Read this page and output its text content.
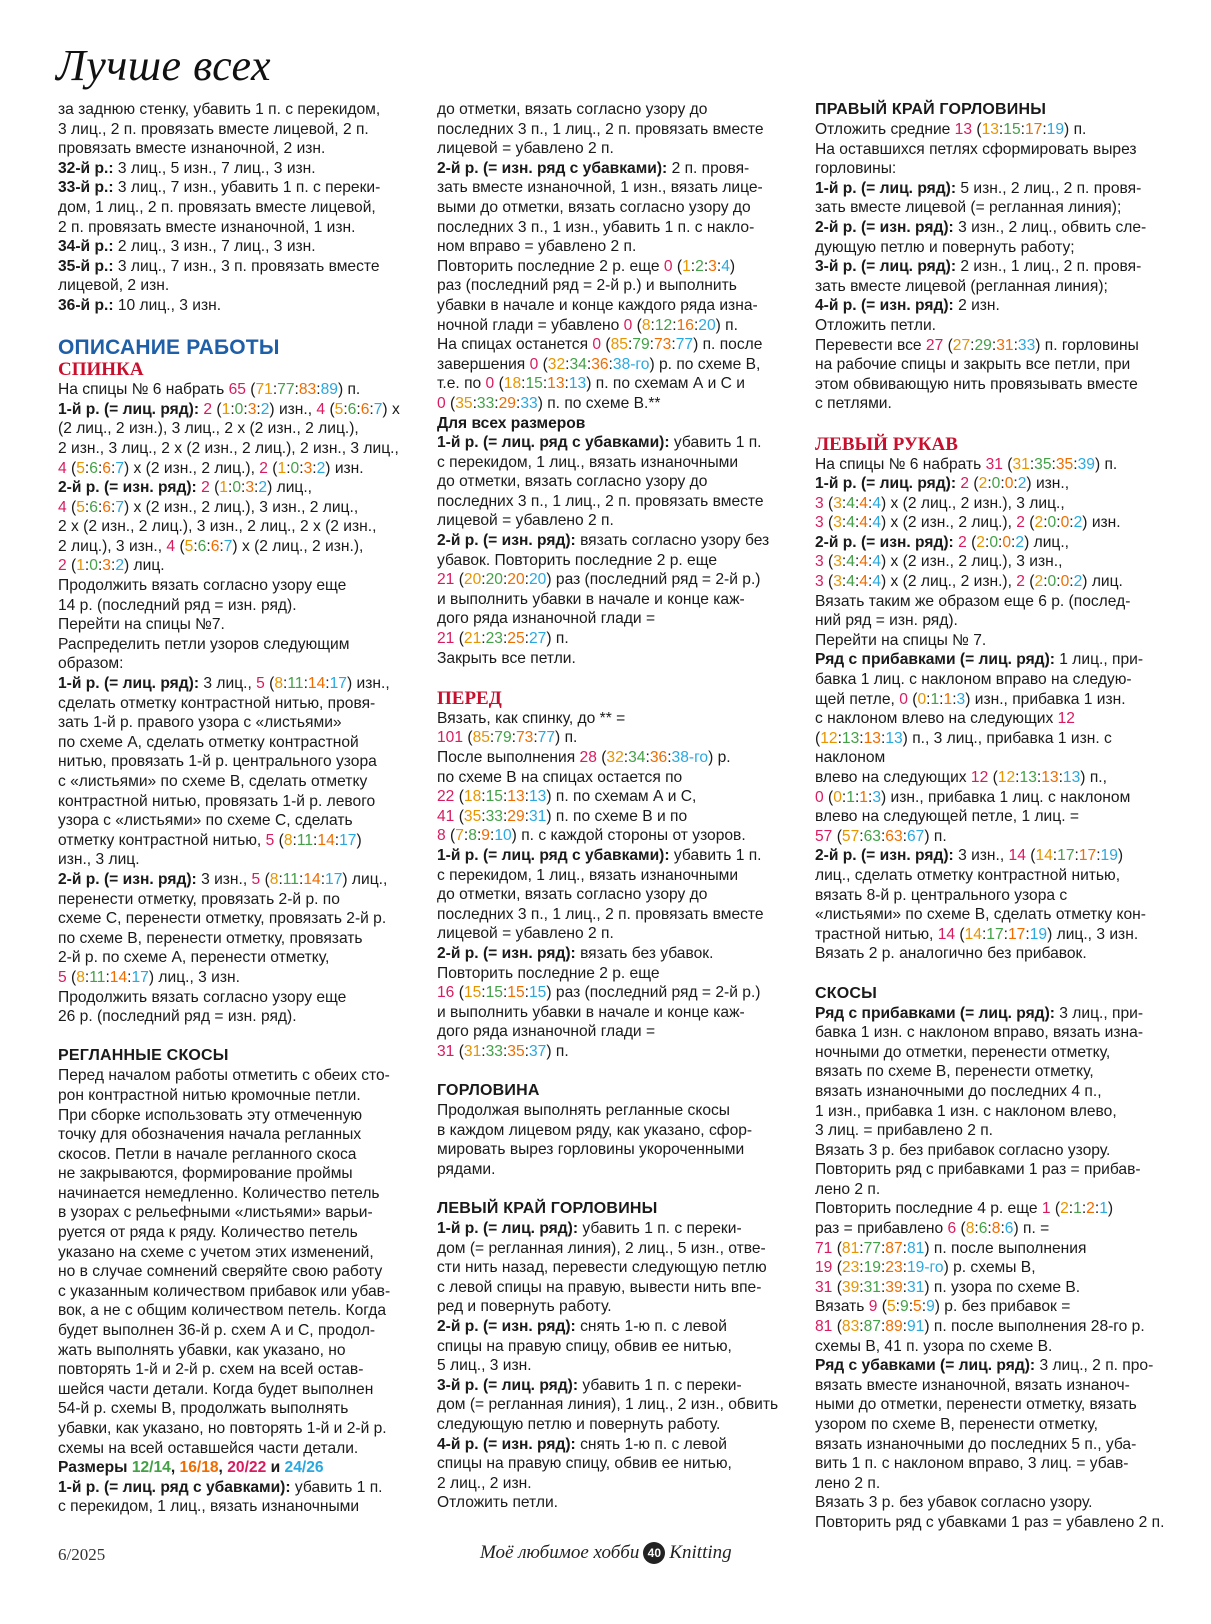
Лучше всех

за заднюю стенку, убавить 1 п. с перекидом,
3 лиц., 2 п. провязать вместе лицевой, 2 п.
провязать вместе изнаночной, 2 изн.

32-й р.: 3 лиц., 5 изн., 7 лиц., 3 изн.

33-й р.: 3 лиц., 7 изн., убавить 1 п. с переки-
дом, 1 лиц., 2 п. провязать вместе лицевой,
2 п. провязать вместе изнаночной, 1 изн.

34-й р.: 2 лиц., 3 изн., 7 лиц., 3 изн.

35-й р.: 3 лиц., 7 изн., 3 п. провязать вместе
лицевой, 2 изн.

36-й р.: 10 лиц., 3 изн.

ОПИСАНИЕ РАБОТЫ
СПИНКА

На спицы № 6 набрать 65 (71:77:83:89) п.

1-й р. (= лиц. ряд): 2 (1:0:3:2) изн., 4 (5:6:6:7) х
(2 лиц., 2 изн.), 3 лиц., 2 х (2 изн., 2 лиц.),
2 изн., 3 лиц., 2 х (2 изн., 2 лиц.), 2 изн., 3 лиц.,
4 (5:6:6:7) х (2 изн., 2 лиц.), 2 (1:0:3:2) изн.

2-й р. (= изн. ряд): 2 (1:0:3:2) лиц.,
4 (5:6:6:7) х (2 изн., 2 лиц.), 3 изн., 2 лиц.,
2 х (2 изн., 2 лиц.), 3 изн., 2 лиц., 2 х (2 изн.,
2 лиц.), 3 изн., 4 (5:6:6:7) х (2 лиц., 2 изн.),
2 (1:0:3:2) лиц.

Продолжить вязать согласно узору еще
14 р. (последний ряд = изн. ряд).
Перейти на спицы №7.
Распределить петли узоров следующим
образом:

1-й р. (= лиц. ряд): 3 лиц., 5 (8:11:14:17) изн.,
сделать отметку контрастной нитью, провя-
зать 1-й р. правого узора с «листьями»
по схеме А, сделать отметку контрастной
нитью, провязать 1-й р. центрального узора
с «листьями» по схеме В, сделать отметку
контрастной нитью, провязать 1-й р. левого
узора с «листьями» по схеме С, сделать
отметку контрастной нитью, 5 (8:11:14:17)
изн., 3 лиц.

2-й р. (= изн. ряд): 3 изн., 5 (8:11:14:17) лиц.,
перенести отметку, провязать 2-й р. по
схеме С, перенести отметку, провязать 2-й р.
по схеме В, перенести отметку, провязать
2-й р. по схеме А, перенести отметку,
5 (8:11:14:17) лиц., 3 изн.

Продолжить вязать согласно узору еще
26 р. (последний ряд = изн. ряд).

РЕГЛАННЫЕ СКОСЫ

Перед началом работы отметить с обеих сто-
рон контрастной нитью кромочные петли.
При сборке использовать эту отмеченную
точку для обозначения начала регланных
скосов. Петли в начале регланного скоса
не закрываются, формирование проймы
начинается немедленно. Количество петель
в узорах с рельефными «листьями» варьи-
руется от ряда к ряду. Количество петель
указано на схеме с учетом этих изменений,
но в случае сомнений сверяйте свою работу
с указанным количеством прибавок или убав-
вок, а не с общим количеством петель. Когда
будет выполнен 36-й р. схем А и С, продол-
жать выполнять убавки, как указано, но
повторять 1-й и 2-й р. схем на всей остав-
шейся части детали. Когда будет выполнен
54-й р. схемы В, продолжать выполнять
убавки, как указано, но повторять 1-й и 2-й р.
схемы на всей оставшейся части детали.

Размеры 12/14, 16/18, 20/22 и 24/26

1-й р. (= лиц. ряд с убавками): убавить 1 п.
с перекидом, 1 лиц., вязать изнаночными

до отметки, вязать согласно узору до
последних 3 п., 1 лиц., 2 п. провязать вместе
лицевой = убавлено 2 п.

2-й р. (= изн. ряд с убавками): 2 п. провя-
зать вместе изнаночной, 1 изн., вязать лице-
выми до отметки, вязать согласно узору до
последних 3 п., 1 изн., убавить 1 п. с накло-
ном вправо = убавлено 2 п.
Повторить последние 2 р. еще 0 (1:2:3:4)
раз (последний ряд = 2-й р.) и выполнить
убавки в начале и конце каждого ряда изна-
ночной глади = убавлено 0 (8:12:16:20) п.
На спицах останется 0 (85:79:73:77) п. после
завершения 0 (32:34:36:38-го) р. по схеме В,
т.е. по 0 (18:15:13:13) п. по схемам А и С и
0 (35:33:29:33) п. по схеме В.**

Для всех размеров

1-й р. (= лиц. ряд с убавками): убавить 1 п.
с перекидом, 1 лиц., вязать изнаночными
до отметки, вязать согласно узору до
последних 3 п., 1 лиц., 2 п. провязать вместе
лицевой = убавлено 2 п.

2-й р. (= изн. ряд): вязать согласно узору без
убавок. Повторить последние 2 р. еще
21 (20:20:20:20) раз (последний ряд = 2-й р.)
и выполнить убавки в начале и конце каж-
дого ряда изнаночной глади =
21 (21:23:25:27) п.
Закрыть все петли.

ПЕРЕД

Вязать, как спинку, до ** =
101 (85:79:73:77) п.
После выполнения 28 (32:34:36:38-го) р.
по схеме В на спицах остается по
22 (18:15:13:13) п. по схемам А и С,
41 (35:33:29:31) п. по схеме В и по
8 (7:8:9:10) п. с каждой стороны от узоров.

1-й р. (= лиц. ряд с убавками): убавить 1 п.
с перекидом, 1 лиц., вязать изнаночными
до отметки, вязать согласно узору до
последних 3 п., 1 лиц., 2 п. провязать вместе
лицевой = убавлено 2 п.

2-й р. (= изн. ряд): вязать без убавок.
Повторить последние 2 р. еще
16 (15:15:15:15) раз (последний ряд = 2-й р.)
и выполнить убавки в начале и конце каж-
дого ряда изнаночной глади =
31 (31:33:35:37) п.

ГОРЛОВИНА

Продолжая выполнять регланные скосы
в каждом лицевом ряду, как указано, сфор-
мировать вырез горловины укороченными
рядами.

ЛЕВЫЙ КРАЙ ГОРЛОВИНЫ

1-й р. (= лиц. ряд): убавить 1 п. с переки-
дом (= регланная линия), 2 лиц., 5 изн., отве-
сти нить назад, перевести следующую петлю
с левой спицы на правую, вывести нить впе-
ред и повернуть работу.

2-й р. (= изн. ряд): снять 1-ю п. с левой
спицы на правую спицу, обвив ее нитью,
5 лиц., 3 изн.

3-й р. (= лиц. ряд): убавить 1 п. с переки-
дом (= регланная линия), 1 лиц., 2 изн., обвить
следующую петлю и повернуть работу.

4-й р. (= изн. ряд): снять 1-ю п. с левой
спицы на правую спицу, обвив ее нитью,
2 лиц., 2 изн.
Отложить петли.

ПРАВЫЙ КРАЙ ГОРЛОВИНЫ

Отложить средние 13 (13:15:17:19) п.
На оставшихся петлях сформировать вырез
горловины:

1-й р. (= лиц. ряд): 5 изн., 2 лиц., 2 п. провя-
зать вместе лицевой (= регланная линия);

2-й р. (= изн. ряд): 3 изн., 2 лиц., обвить сле-
дующую петлю и повернуть работу;

3-й р. (= лиц. ряд): 2 изн., 1 лиц., 2 п. провя-
зать вместе лицевой (регланная линия);

4-й р. (= изн. ряд): 2 изн.
Отложить петли.
Перевести все 27 (27:29:31:33) п. горловины
на рабочие спицы и закрыть все петли, при
этом обвивающую нить провязывать вместе
с петлями.

ЛЕВЫЙ РУКАВ

На спицы № 6 набрать 31 (31:35:35:39) п.

1-й р. (= лиц. ряд): 2 (2:0:0:2) изн.,
3 (3:4:4:4) х (2 лиц., 2 изн.), 3 лиц.,
3 (3:4:4:4) х (2 изн., 2 лиц.), 2 (2:0:0:2) изн.

2-й р. (= изн. ряд): 2 (2:0:0:2) лиц.,
3 (3:4:4:4) х (2 изн., 2 лиц.), 3 изн.,
3 (3:4:4:4) х (2 лиц., 2 изн.), 2 (2:0:0:2) лиц.

Вязать таким же образом еще 6 р. (послед-
ний ряд = изн. ряд).
Перейти на спицы № 7.

Ряд с прибавками (= лиц. ряд): 1 лиц., при-
бавка 1 лиц. с наклоном вправо на следую-
щей петле, 0 (0:1:1:3) изн., прибавка 1 изн.
с наклоном влево на следующих 12 (12:13:13:13) п., 3 лиц., прибавка 1 изн. с наклоном
влево на следующих 12 (12:13:13:13) п.,
0 (0:1:1:3) изн., прибавка 1 лиц. с наклоном
влево на следующей петле, 1 лиц. =
57 (57:63:63:67) п.

2-й р. (= изн. ряд): 3 изн., 14 (14:17:17:19)
лиц., сделать отметку контрастной нитью,
вязать 8-й р. центрального узора с
«листьями» по схеме В, сделать отметку кон-
трастной нитью, 14 (14:17:17:19) лиц., 3 изн.
Вязать 2 р. аналогично без прибавок.

СКОСЫ

Ряд с прибавками (= лиц. ряд): 3 лиц., при-
бавка 1 изн. с наклоном вправо, вязать изна-
ночными до отметки, перенести отметку,
вязать по схеме В, перенести отметку,
вязать изнаночными до последних 4 п.,
1 изн., прибавка 1 изн. с наклоном влево,
3 лиц. = прибавлено 2 п.
Вязать 3 р. без прибавок согласно узору.
Повторить ряд с прибавками 1 раз = прибав-
лено 2 п.
Повторить последние 4 р. еще 1 (2:1:2:1)
раз = прибавлено 6 (8:6:8:6) п. =
71 (81:77:87:81) п. после выполнения
19 (23:19:23:19-го) р. схемы В,
31 (39:31:39:31) п. узора по схеме В.
Вязать 9 (5:9:5:9) р. без прибавок =
81 (83:87:89:91) п. после выполнения 28-го р.
схемы В, 41 п. узора по схеме В.

Ряд с убавками (= лиц. ряд): 3 лиц., 2 п. про-
вязать вместе изнаночной, вязать изнаноч-
ными до отметки, перенести отметку, вязать
узором по схеме В, перенести отметку,
вязать изнаночными до последних 5 п., уба-
вить 1 п. с наклоном вправо, 3 лиц. = убав-
лено 2 п.
Вязать 3 р. без убавок согласно узору.
Повторить ряд с убавками 1 раз = убавлено 2 п.

6/2025	Моё любимое хобби 40 Knitting
